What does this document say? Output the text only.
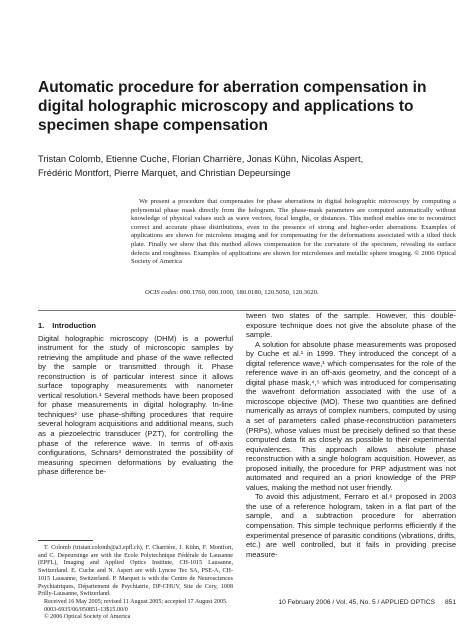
Automatic procedure for aberration compensation in digital holographic microscopy and applications to specimen shape compensation
Tristan Colomb, Etienne Cuche, Florian Charrière, Jonas Kühn, Nicolas Aspert,
Frédéric Montfort, Pierre Marquet, and Christian Depeursinge

We present a procedure that compensates for phase aberrations in digital holographic microscopy by computing a polynomial phase mask directly from the hologram. The phase-mask parameters are computed automatically without knowledge of physical values such as wave vectors, focal lengths, or distances. This method enables one to reconstruct correct and accurate phase distributions, even in the presence of strong and higher-order aberrations. Examples of applications are shown for microlens imaging and for compensating for the deformations associated with a tilted thick plate. Finally we show that this method allows compensation for the curvature of the specimen, revealing its surface defects and roughness. Examples of applications are shown for microlenses and metallic sphere imaging. © 2006 Optical Society of America

OCIS codes: 090.1760, 090.1000, 180.0180, 120.5050, 120.3620.
1. Introduction

Digital holographic microscopy (DHM) is a powerful instrument for the study of microscopic samples by retrieving the amplitude and phase of the wave reflected by the sample or transmitted through it. Phase reconstruction is of particular interest since it allows surface topography measurements with nanometer vertical resolution.¹ Several methods have been proposed for phase measurements in digital holography. In-line techniques² use phase-shifting procedures that require several hologram acquisitions and additional means, such as a piezoelectric transducer (PZT), for controlling the phase of the reference wave. In terms of off-axis configurations, Schnars³ demonstrated the possibility of measuring specimen deformations by evaluating the phase difference be-

tween two states of the sample. However, this double-exposure technique does not give the absolute phase of the sample.

A solution for absolute phase measurements was proposed by Cuche et al.¹ in 1999. They introduced the concept of a digital reference wave,¹ which compensates for the role of the reference wave in an off-axis geometry, and the concept of a digital phase mask,⁴,⁵ which was introduced for compensating the wavefront deformation associated with the use of a microscope objective (MO). These two quantities are defined numerically as arrays of complex numbers, computed by using a set of parameters called phase-reconstruction parameters (PRPs), whose values must be precisely defined so that these computed data fit as closely as possible to their experimental equivalences. This approach allows absolute phase reconstruction with a single hologram acquisition. However, as proposed initially, the procedure for PRP adjustment was not automated and required an a priori knowledge of the PRP values, making the method not user friendly.

To avoid this adjustment, Ferraro et al.⁶ proposed in 2003 the use of a reference hologram, taken in a flat part of the sample, and a subtraction procedure for aberration compensation. This simple technique performs efficiently if the experimental presence of parasitic conditions (vibrations, drifts, etc.) are well controlled, but it fails in providing precise measure-

T. Colomb (tristan.colomb@a3.epfl.ch), F. Charrière, J. Kühn, F. Montfort, and C. Depeursinge are with the Ecole Polytechnique Fédérale de Lausanne (EPFL), Imaging and Applied Optics Institute, CH-1015 Lausanne, Switzerland. E. Cuche and N. Aspert are with Lyncee Tec SA, PSE-A, CH-1015 Lausanne, Switzerland. P. Marquet is with the Centre de Neurosciences Psychiatriques, Département de Psychiatrie, DP-CHUV, Site de Cery, 1008 Prilly-Lausanne, Switzerland.

Received 16 May 2005; revised 11 August 2005; accepted 17 August 2005.

0003-6935/06/050851-13$15.00/0

© 2006 Optical Society of America

10 February 2006 / Vol. 45, No. 5 / APPLIED OPTICS 851
